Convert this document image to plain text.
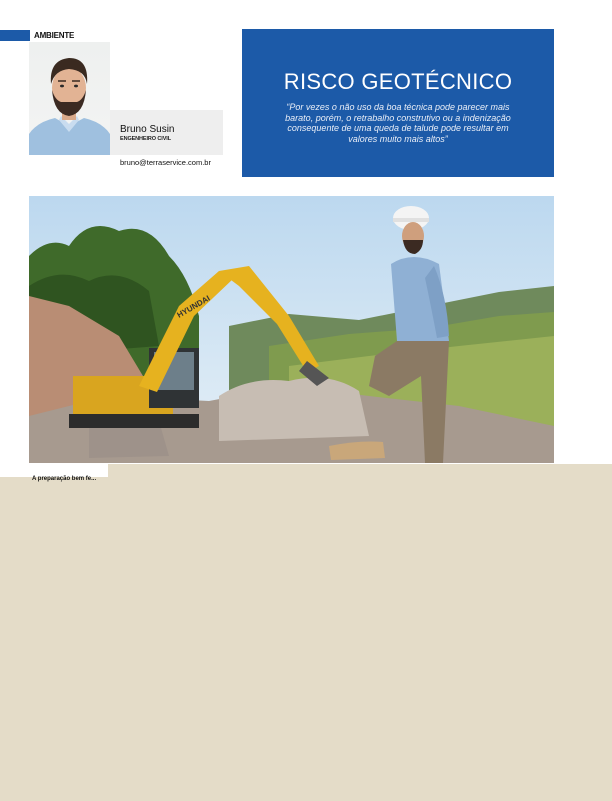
AMBIENTE
Bruno Susin
ENGENHEIRO CIVIL
bruno@terraservice.com.br
RISCO GEOTÉCNICO
“Por vezes o não uso da boa técnica pode parecer mais barato, porém, o retrabalho construtivo ou a indenização consequente de uma queda de talude pode resultar em valores muito mais altos”
HYUNDAI
A preparação bem fe...
